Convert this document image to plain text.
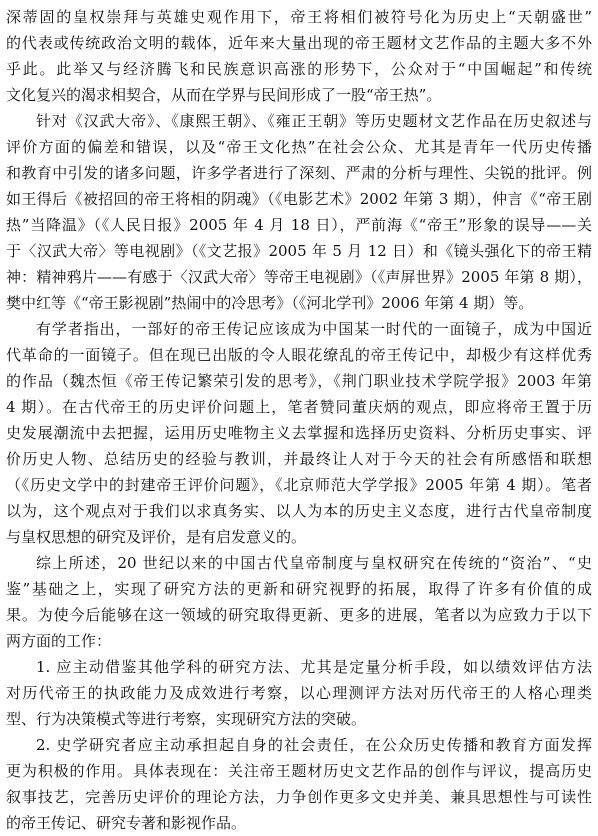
深蒂固的皇权崇拜与英雄史观作用下，帝王将相们被符号化为历史上“天朝盛世”
的代表或传统政治文明的载体，近年来大量出现的帝王题材文艺作品的主题大多不外
乎此。此举又与经济腾飞和民族意识高涨的形势下，公众对于“中国崛起”和传统
文化复兴的渴求相契合，从而在学界与民间形成了一股“帝王热”。
针对《汉武大帝》、《康熙王朝》、《雍正王朝》等历史题材文艺作品在历史叙述与
评价方面的偏差和错误，以及“帝王文化热”在社会公众、尤其是青年一代历史传播
和教育中引发的诸多问题，许多学者进行了深刻、严肃的分析与理性、尖锐的批评。例
如王得后《被招回的帝王将相的阴魂》（《电影艺术》2002 年第 3 期），仲言《“帝王剧
热”当降温》（《人民日报》2005 年 4 月 18 日），严前海《“帝王”形象的误导——关
于〈汉武大帝〉等电视剧》（《文艺报》2005 年 5 月 12 日）和《镜头强化下的帝王精
神：精神鸦片——有感于〈汉武大帝〉等帝王电视剧》（《声屏世界》2005 年第 8 期），
樊中红等《“帝王影视剧”热闹中的冷思考》（《河北学刊》2006 年第 4 期）等。
有学者指出，一部好的帝王传记应该成为中国某一时代的一面镜子，成为中国近
代革命的一面镜子。但在现已出版的令人眼花缭乱的帝王传记中，却极少有这样优秀
的作品（魏杰恒《帝王传记繁荣引发的思考》，《荆门职业技术学院学报》2003 年第
4 期）。在古代帝王的历史评价问题上，笔者赞同董庆炳的观点，即应将帝王置于历
史发展潮流中去把握，运用历史唯物主义去掌握和选择历史资料、分析历史事实、评
价历史人物、总结历史的经验与教训，并最终让人对于今天的社会有所感悟和联想
（《历史文学中的封建帝王评价问题》，《北京师范大学学报》2005 年第 4 期）。笔者
以为，这个观点对于我们以求真务实、以人为本的历史主义态度，进行古代皇帝制度
与皇权思想的研究及评价，是有启发意义的。
综上所述，20 世纪以来的中国古代皇帝制度与皇权研究在传统的“资治”、“史
鉴”基础之上，实现了研究方法的更新和研究视野的拓展，取得了许多有价值的成
果。为使今后能够在这一领域的研究取得更新、更多的进展，笔者以为应致力于以下
两方面的工作：
1. 应主动借鉴其他学科的研究方法、尤其是定量分析手段，如以绩效评估方法
对历代帝王的执政能力及成效进行考察，以心理测评方法对历代帝王的人格心理类
型、行为决策模式等进行考察，实现研究方法的突破。
2. 史学研究者应主动承担起自身的社会责任，在公众历史传播和教育方面发挥
更为积极的作用。具体表现在：关注帝王题材历史文艺作品的创作与评议，提高历史
叙事技艺，完善历史评价的理论方法，力争创作更多文史并美、兼具思想性与可读性
的帝王传记、研究专著和影视作品。
